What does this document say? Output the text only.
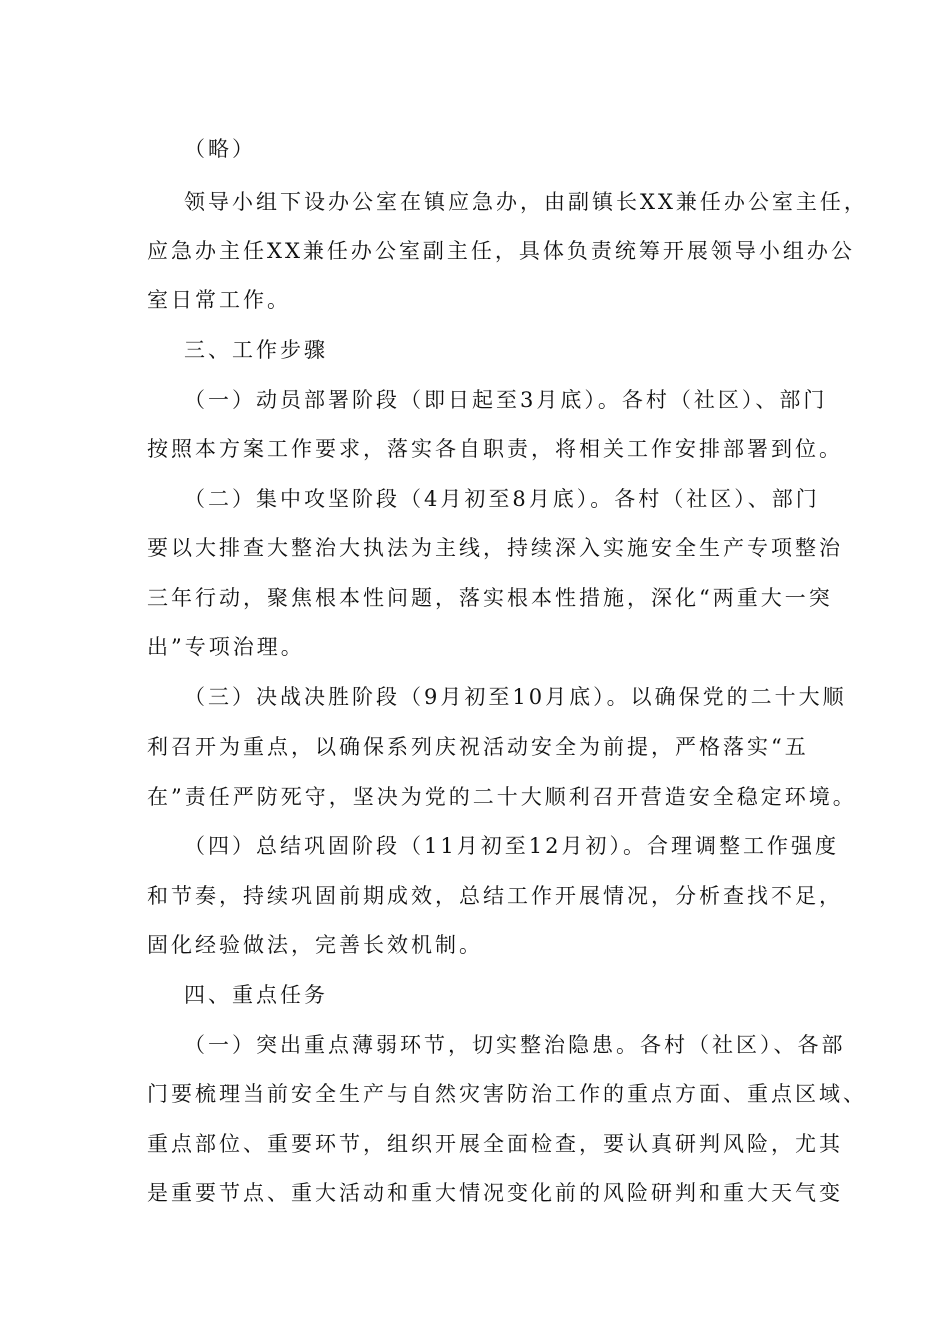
（略）
领导小组下设办公室在镇应急办，由副镇长XX兼任办公室主任，
应急办主任XX兼任办公室副主任，具体负责统筹开展领导小组办公
室日常工作。
三、工作步骤
（一）动员部署阶段（即日起至3月底）。各村（社区）、部门
按照本方案工作要求，落实各自职责，将相关工作安排部署到位。
（二）集中攻坚阶段（4月初至8月底）。各村（社区）、部门
要以大排查大整治大执法为主线，持续深入实施安全生产专项整治
三年行动，聚焦根本性问题，落实根本性措施，深化“两重大一突
出”专项治理。
（三）决战决胜阶段（9月初至10月底）。以确保党的二十大顺
利召开为重点，以确保系列庆祝活动安全为前提，严格落实“五
在”责任严防死守，坚决为党的二十大顺利召开营造安全稳定环境。
（四）总结巩固阶段（11月初至12月初）。合理调整工作强度
和节奏，持续巩固前期成效，总结工作开展情况，分析查找不足，
固化经验做法，完善长效机制。
四、重点任务
（一）突出重点薄弱环节，切实整治隐患。各村（社区）、各部
门要梳理当前安全生产与自然灾害防治工作的重点方面、重点区域、
重点部位、重要环节，组织开展全面检查，要认真研判风险，尤其
是重要节点、重大活动和重大情况变化前的风险研判和重大天气变
